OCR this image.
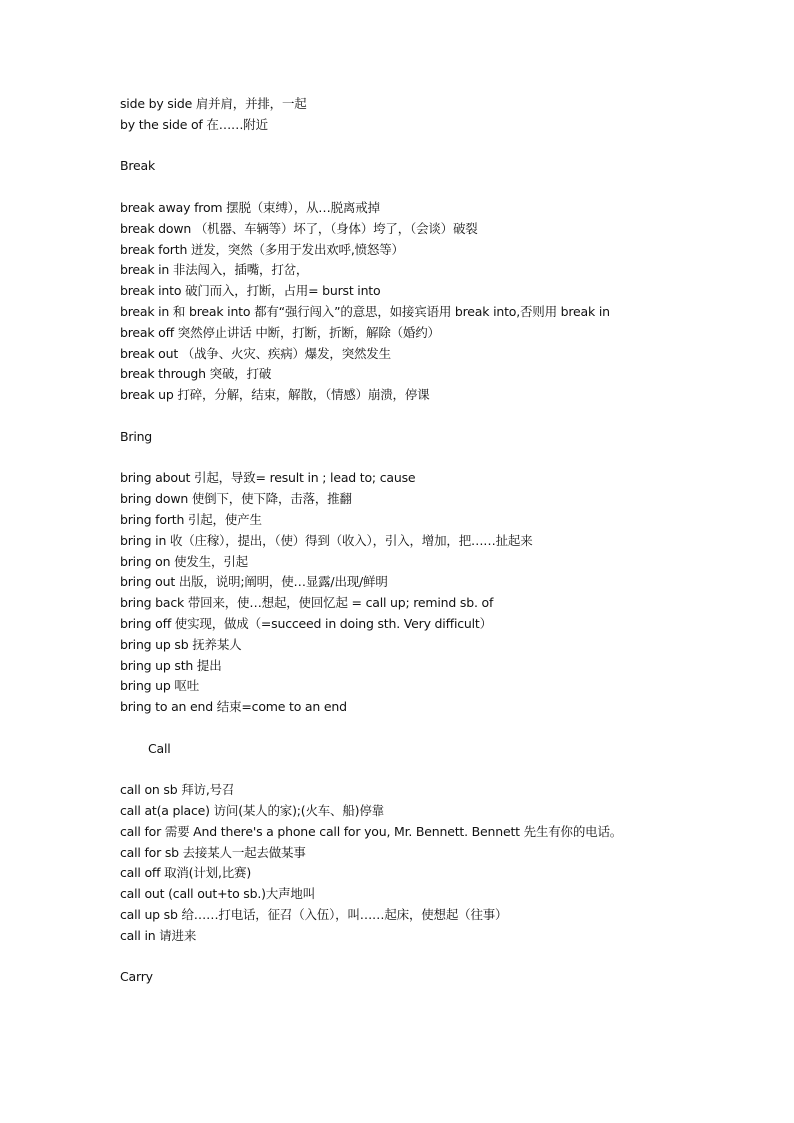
side by side 肩并肩，并排，一起
by the side of 在……附近
Break
break away from 摆脱（束缚），从…脱离戒掉
break down （机器、车辆等）坏了，（身体）垮了，（会谈）破裂
break forth 迸发，突然（多用于发出欢呼,愤怒等）
break in 非法闯入，插嘴，打岔，
break into 破门而入，打断，占用= burst into
break in 和 break into 都有“强行闯入”的意思，如接宾语用 break into,否则用 break in
break off 突然停止讲话 中断，打断，折断，解除（婚约）
break out （战争、火灾、疾病）爆发，突然发生
break through 突破，打破
break up 打碎，分解，结束，解散，（情感）崩溃，停课
Bring
bring about 引起，导致= result in ; lead to; cause
bring down 使倒下，使下降，击落，推翻
bring forth 引起，使产生
bring in 收（庄稼），提出，（使）得到（收入），引入，增加，把……扯起来
bring on 使发生，引起
bring out 出版，说明;阐明，使…显露/出现/鲜明
bring back 带回来，使…想起，使回忆起 = call up; remind sb. of
bring off 使实现，做成（=succeed in doing sth. Very difficult）
bring up sb 抚养某人
bring up sth 提出
bring up 呕吐
bring to an end 结束=come to an end
Call
call on sb 拜访,号召
call at(a place) 访问(某人的家);(火车、船)停靠
call for 需要 And there's a phone call for you, Mr. Bennett. Bennett 先生有你的电话。
call for sb 去接某人一起去做某事
call off 取消(计划,比赛)
call out (call out+to sb.)大声地叫
call up sb 给……打电话，征召（入伍），叫……起床，使想起（往事）
call in 请进来
Carry
